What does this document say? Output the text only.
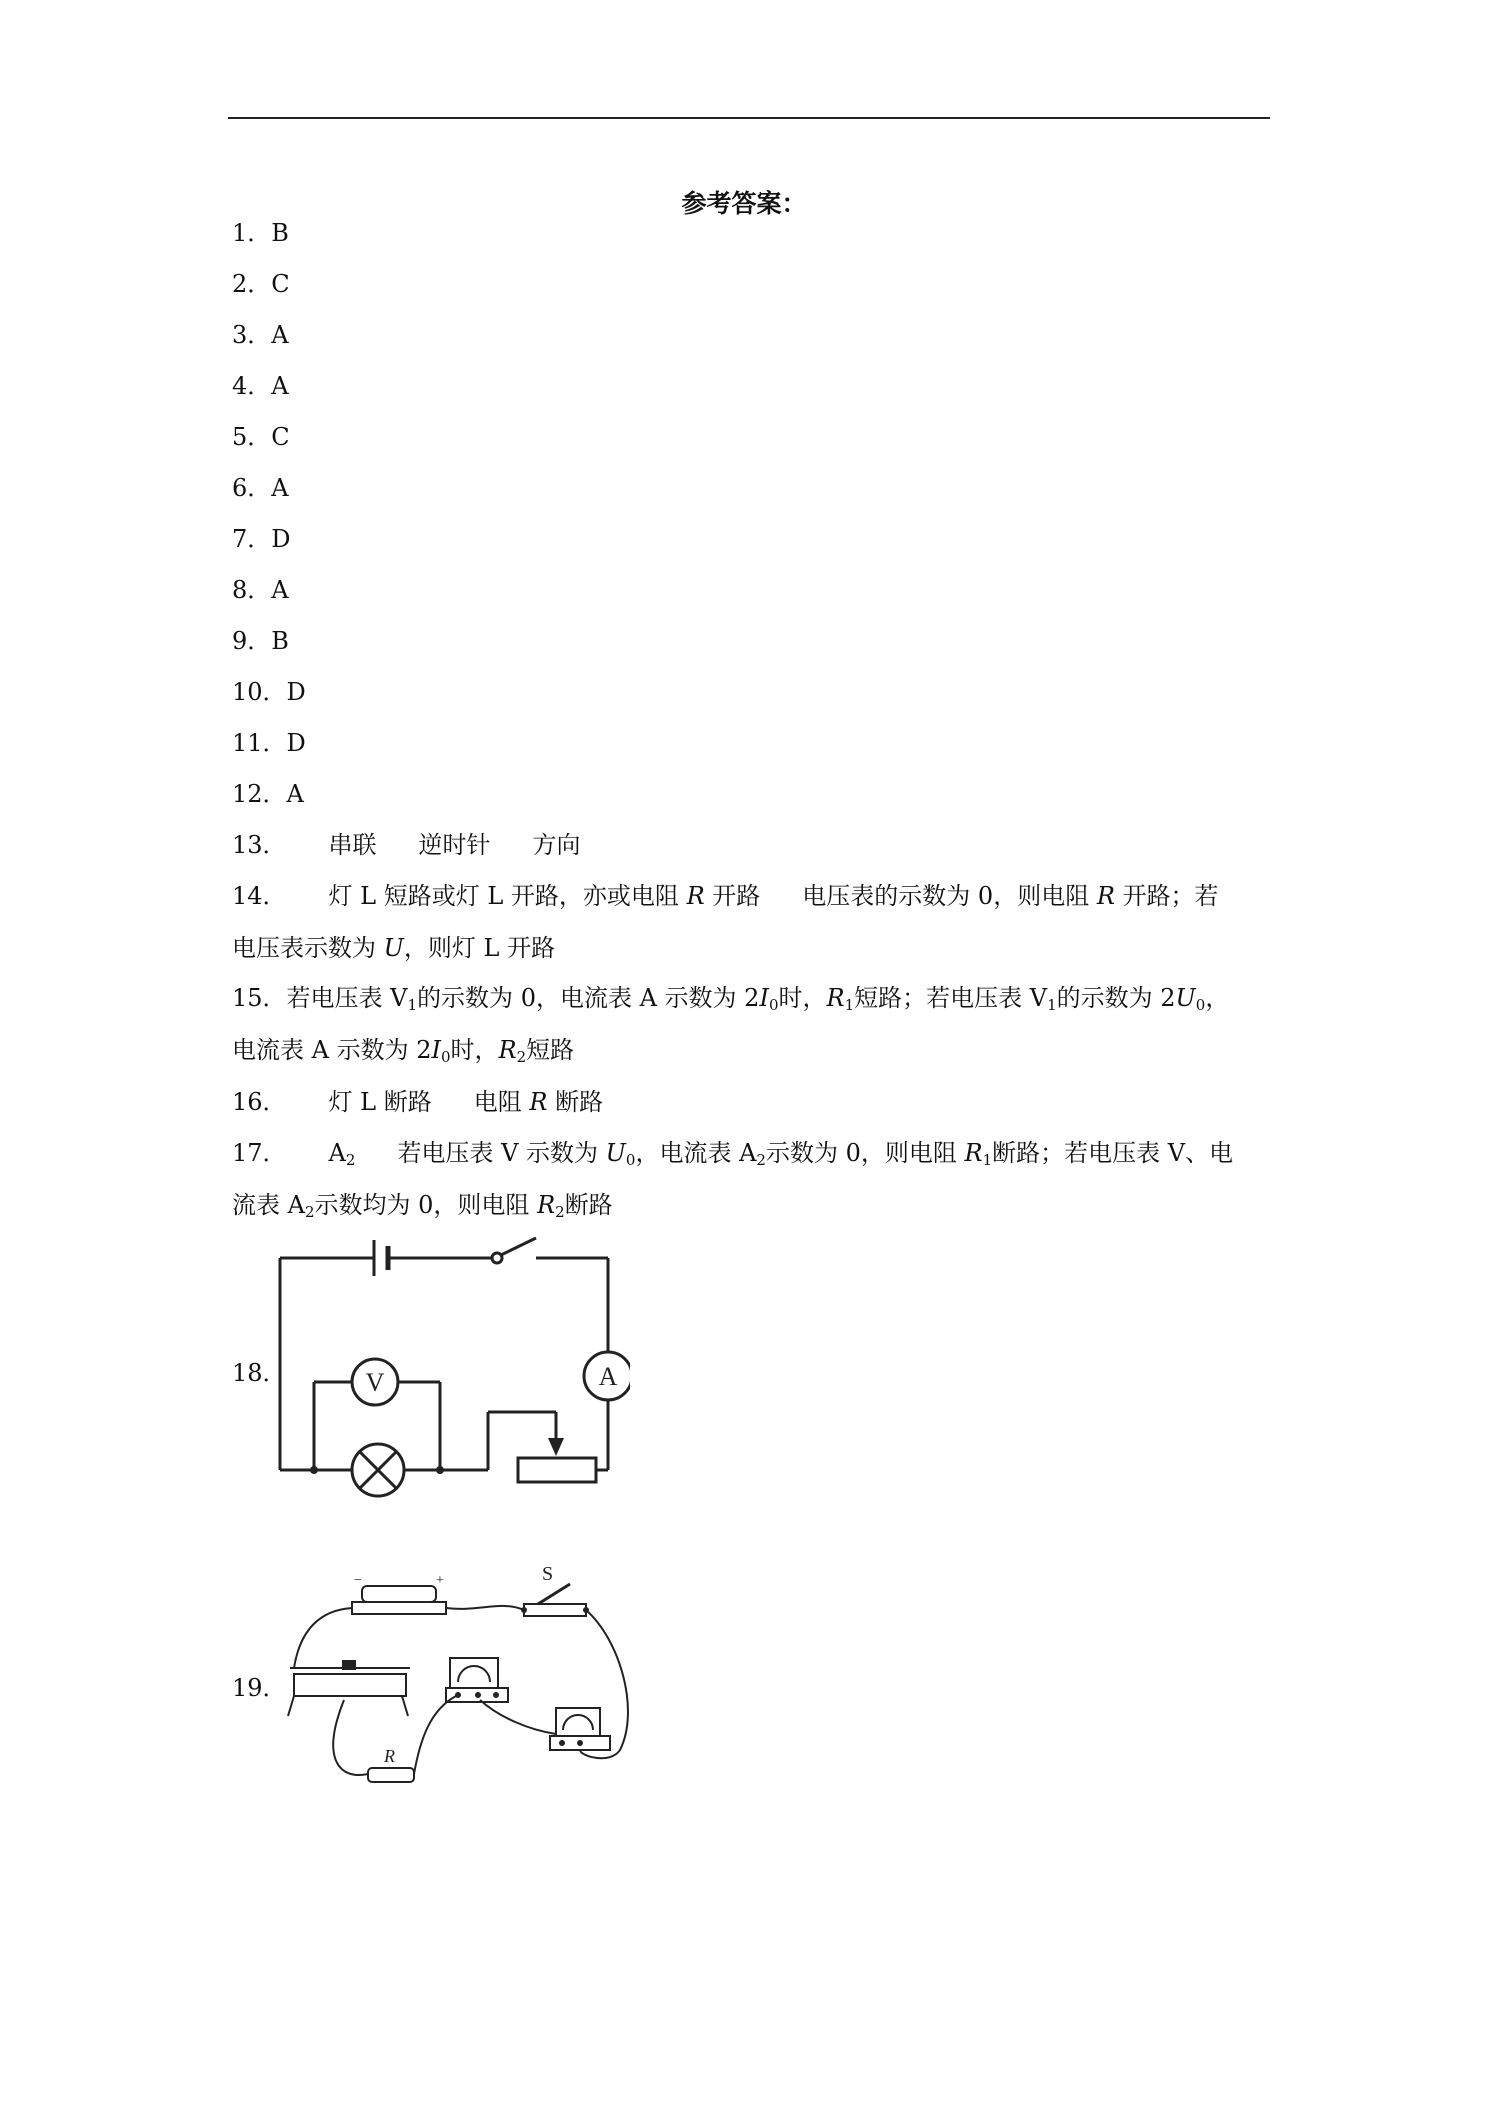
参考答案：
1．B
2．C
3．A
4．A
5．C
6．A
7．D
8．A
9．B
10．D
11．D
12．A
13． 串联 逆时针 方向
14． 灯 L 短路或灯 L 开路，亦或电阻 R 开路 电压表的示数为 0，则电阻 R 开路；若
电压表示数为 U，则灯 L 开路
15．若电压表 $V_1$的示数为 0，电流表 A 示数为 $2I_0$时，$R_1$短路；若电压表 $V_1$的示数为 $2U_0$，
电流表 A 示数为 $2I_0$时，$R_2$短路
16． 灯 L 断路 电阻 R 断路
17． $A_2$ 若电压表 V 示数为 $U_0$，电流表 $A_2$示数为 0，则电阻 $R_1$断路；若电压表 V、电
流表 $A_2$示数均为 0，则电阻 $R_2$断路
18．	V	A
19．
S
R
−	+
